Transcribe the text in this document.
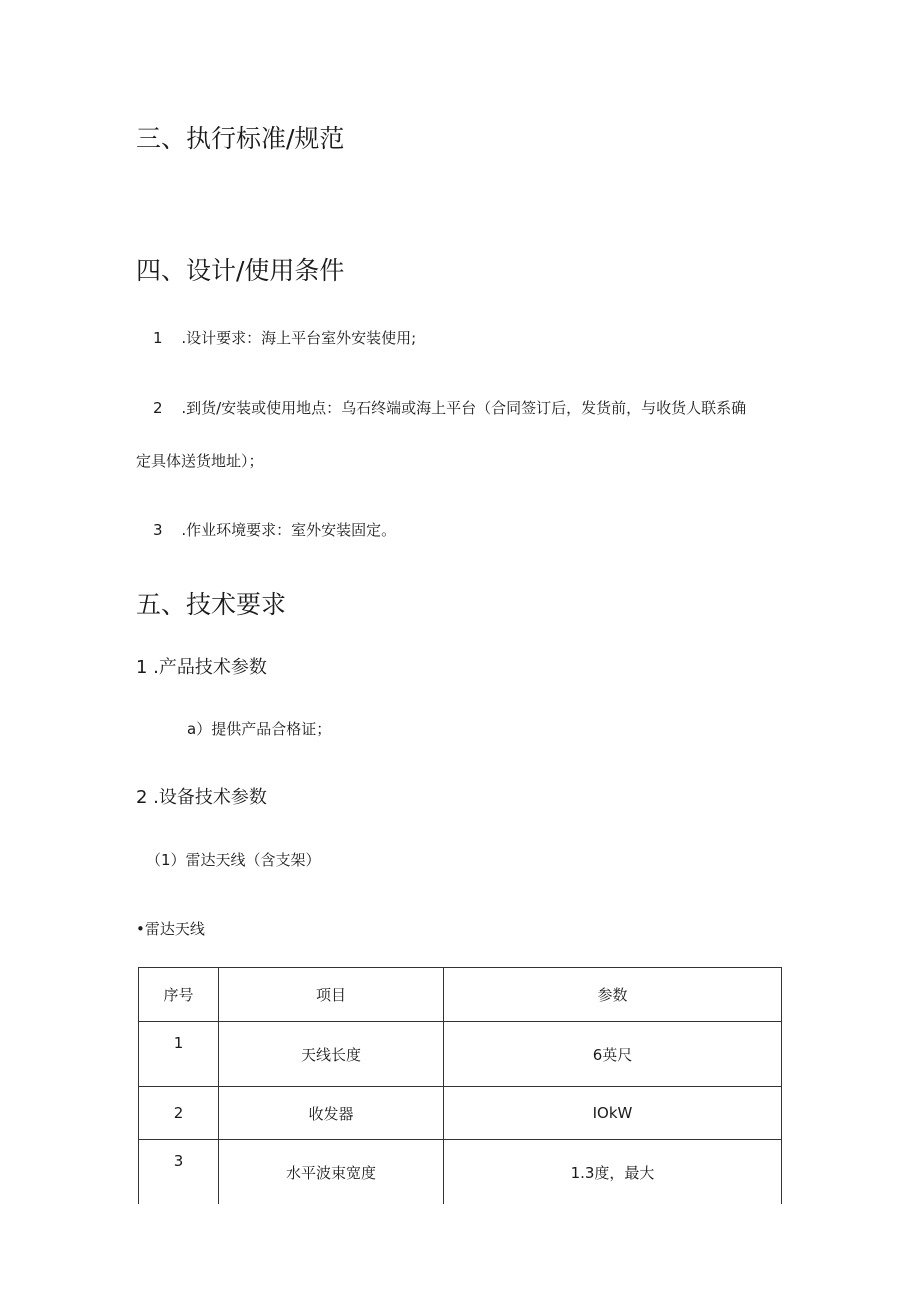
三、执行标准/规范
四、设计/使用条件
1 .设计要求：海上平台室外安装使用;
2 .到货/安装或使用地点：乌石终端或海上平台（合同签订后，发货前，与收货人联系确
定具体送货地址）；
3 .作业环境要求：室外安装固定。
五、技术要求
1 .产品技术参数
a）提供产品合格证；
2 .设备技术参数
（1）雷达天线（含支架）
•雷达天线
序号	项目	参数
1	天线长度	6英尺
2	收发器	IOkW
3	水平波束宽度	1.3度，最大
